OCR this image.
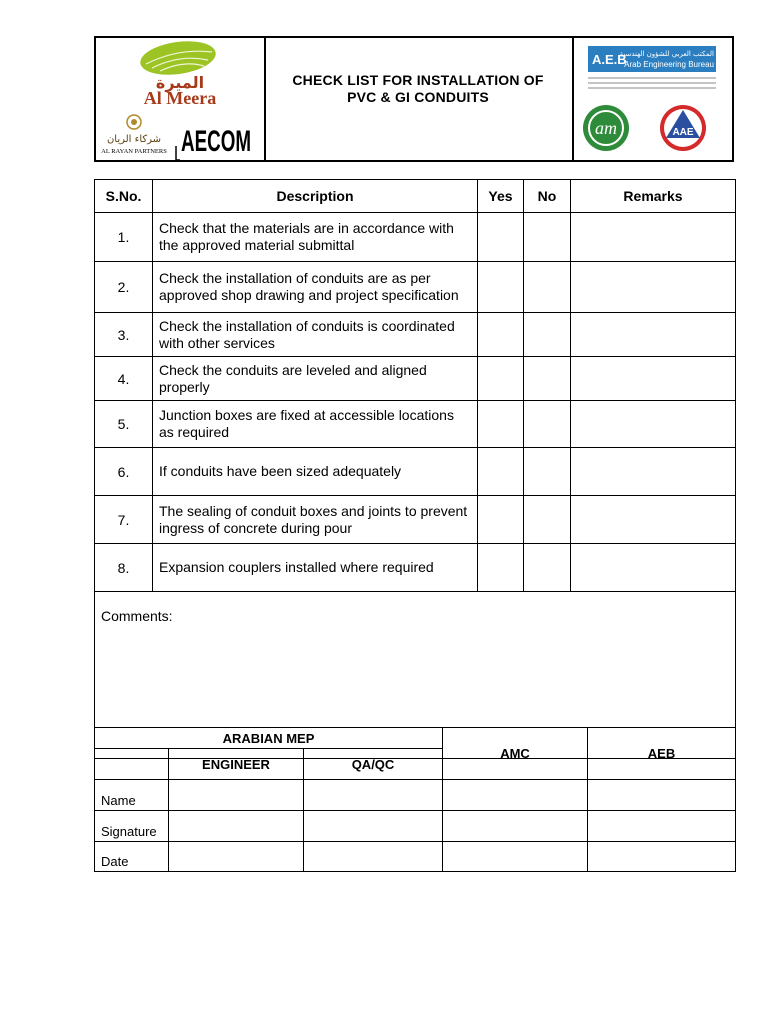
الميرة
Al Meera
شركاء الريان
AL RAYAN PARTNERS AECOM
CHECK LIST FOR INSTALLATION OF
PVC & GI CONDUITS
A.E.B
المكتب العربي للشؤون الهندسية
Arab Engineering Bureau
am	AAE
S.No.	Description	Yes	No	Remarks
1.	Check that the materials are in accordance with the approved material submittal			
2.	Check the installation of conduits are as per approved shop drawing and project specification			
3.	Check the installation of conduits is coordinated with other services			
4.	Check the conduits are leveled and aligned properly			
5.	Junction boxes are fixed at accessible locations as required			
6.	If conduits have been sized adequately			
7.	The sealing of conduit boxes and joints to prevent ingress of concrete during pour			
8.	Expansion couplers installed where required			
Comments:				
ARABIAN MEP			AMC	AEB
	ENGINEER	QA/QC		
Name				
Signature				
Date				
